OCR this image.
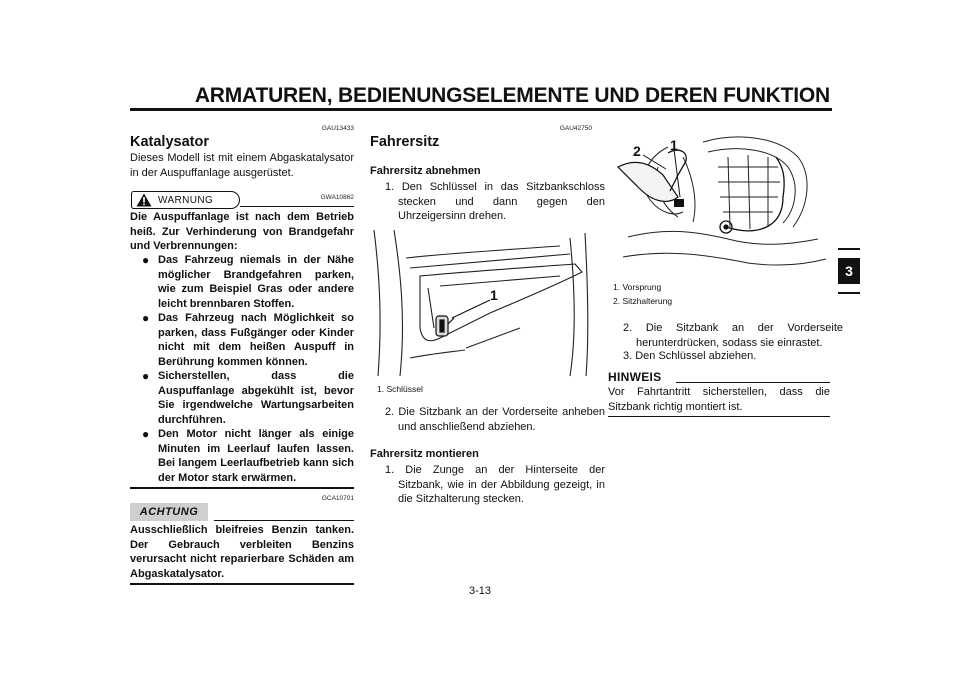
ARMATUREN, BEDIENUNGSELEMENTE UND DEREN FUNKTION
3
GAU13433
Katalysator
Dieses Modell ist mit einem Abgaskatalysator in der Auspuffanlage ausgerüstet.
WARNUNG	GWA10862
Die Auspuffanlage ist nach dem Betrieb heiß. Zur Verhinderung von Brandgefahr und Verbrennungen:
● Das Fahrzeug niemals in der Nähe möglicher Brandgefahren parken, wie zum Beispiel Gras oder andere leicht brennbaren Stoffen.
● Das Fahrzeug nach Möglichkeit so parken, dass Fußgänger oder Kinder nicht mit dem heißen Auspuff in Berührung kommen können.
● Sicherstellen, dass die Auspuffanlage abgekühlt ist, bevor Sie irgendwelche Wartungsarbeiten durchführen.
● Den Motor nicht länger als einige Minuten im Leerlauf laufen lassen. Bei langem Leerlaufbetrieb kann sich der Motor stark erwärmen.
GCA10701
ACHTUNG
Ausschließlich bleifreies Benzin tanken. Der Gebrauch verbleiten Benzins verursacht nicht reparierbare Schäden am Abgaskatalysator.
GAU42750
Fahrersitz
Fahrersitz abnehmen
1. Den Schlüssel in das Sitzbankschloss stecken und dann gegen den Uhrzeigersinn drehen.
1
1. Schlüssel
2. Die Sitzbank an der Vorderseite anheben und anschließend abziehen.
Fahrersitz montieren
1. Die Zunge an der Hinterseite der Sitzbank, wie in der Abbildung gezeigt, in die Sitzhalterung stecken.
3-13
2 1
1. Vorsprung
2. Sitzhalterung
2. Die Sitzbank an der Vorderseite herunterdrücken, sodass sie einrastet.
3. Den Schlüssel abziehen.
HINWEIS
Vor Fahrtantritt sicherstellen, dass die Sitzbank richtig montiert ist.
